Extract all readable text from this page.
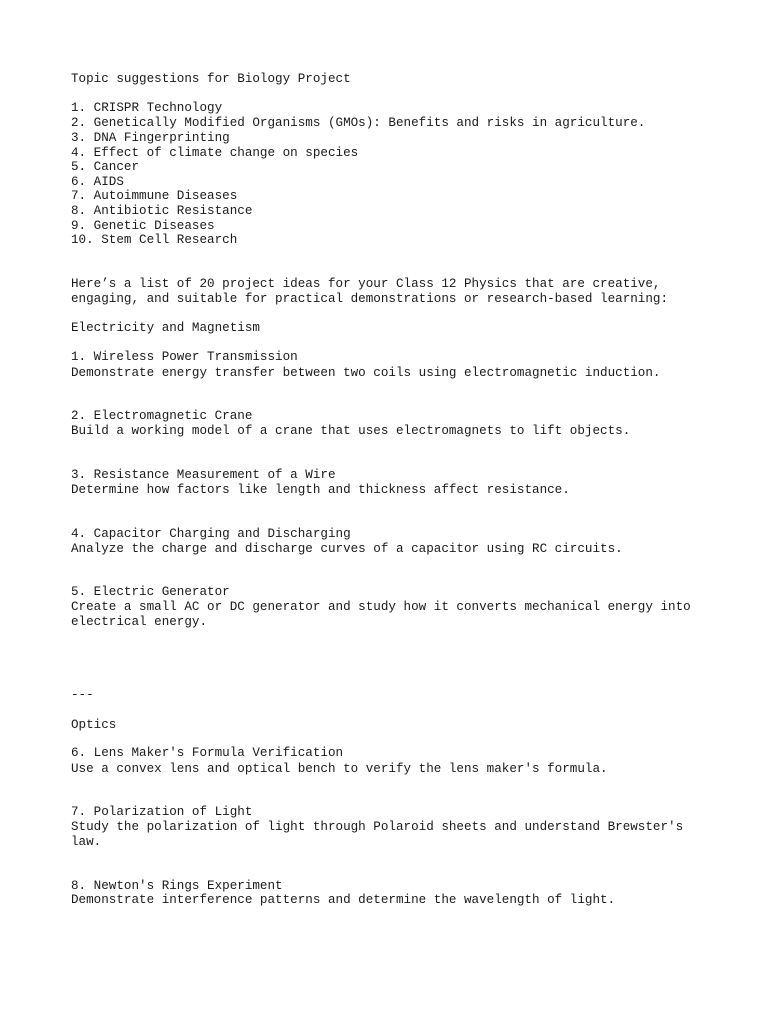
Topic suggestions for Biology Project

1. CRISPR Technology

2. Genetically Modified Organisms (GMOs): Benefits and risks in agriculture.

3. DNA Fingerprinting

4. Effect of climate change on species

5. Cancer

6. AIDS

7. Autoimmune Diseases

8. Antibiotic Resistance

9. Genetic Diseases

10. Stem Cell Research

Here’s a list of 20 project ideas for your Class 12 Physics that are creative,

engaging, and suitable for practical demonstrations or research-based learning:

Electricity and Magnetism

1. Wireless Power Transmission

Demonstrate energy transfer between two coils using electromagnetic induction.

2. Electromagnetic Crane

Build a working model of a crane that uses electromagnets to lift objects.

3. Resistance Measurement of a Wire

Determine how factors like length and thickness affect resistance.

4. Capacitor Charging and Discharging

Analyze the charge and discharge curves of a capacitor using RC circuits.

5. Electric Generator

Create a small AC or DC generator and study how it converts mechanical energy into

electrical energy.

---

Optics

6. Lens Maker's Formula Verification

Use a convex lens and optical bench to verify the lens maker's formula.

7. Polarization of Light

Study the polarization of light through Polaroid sheets and understand Brewster's

law.

8. Newton's Rings Experiment

Demonstrate interference patterns and determine the wavelength of light.
